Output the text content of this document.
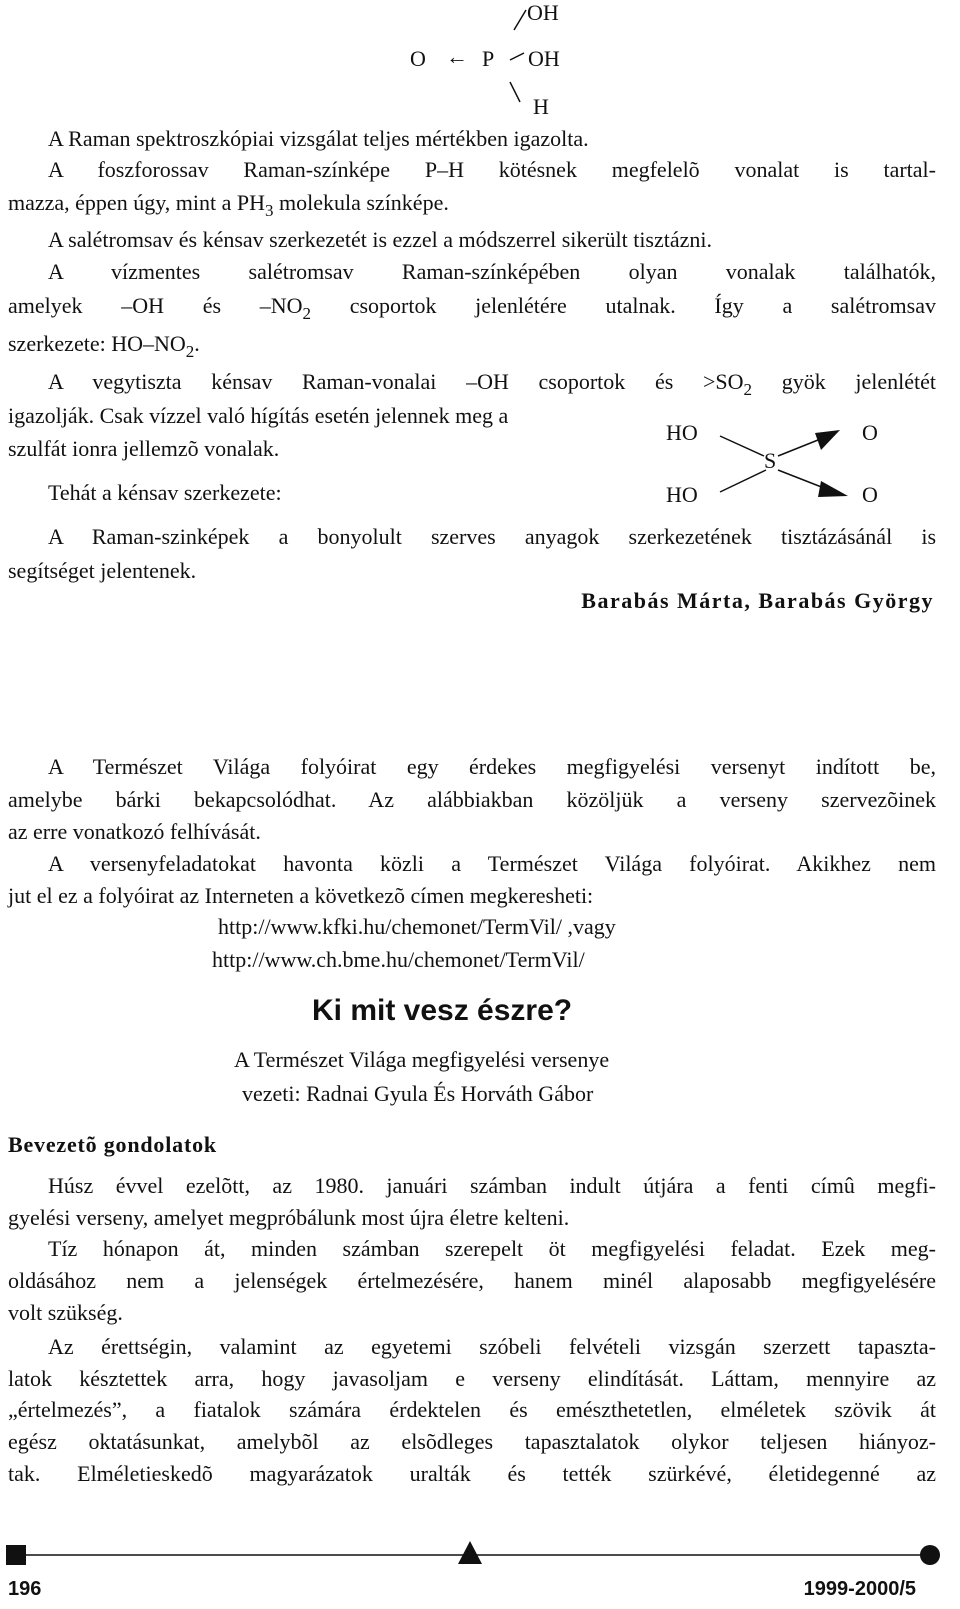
OH
O ← P OH
H
A Raman spektroszkópiai vizsgálat teljes mértékben igazolta.
A foszforossav Raman-színképe P–H kötésnek megfelelõ vonalat is tartal-
mazza, éppen úgy, mint a $PH_3$ molekula színképe.
A salétromsav és kénsav szerkezetét is ezzel a módszerrel sikerült tisztázni.
A vízmentes salétromsav Raman-színképében olyan vonalak találhatók,
amelyek –OH és $-NO_2$ csoportok jelenlétére utalnak. Így a salétromsav
szerkezete: $HO-NO_2$.
A vegytiszta kénsav Raman-vonalai –OH csoportok és $>SO_2$ gyök jelenlétét
igazolják. Csak vízzel való hígítás esetén jelennek meg a
szulfát ionra jellemzõ vonalak.
Tehát a kénsav szerkezete:
HO
HO
S
O
O
A Raman-szinképek a bonyolult szerves anyagok szerkezetének tisztázásánál is
segítséget jelentenek.
Barabás Márta, Barabás György
A Természet Világa folyóirat egy érdekes megfigyelési versenyt indított be,
amelybe bárki bekapcsolódhat. Az alábbiakban közöljük a verseny szervezõinek
az erre vonatkozó felhívását.
A versenyfeladatokat havonta közli a Természet Világa folyóirat. Akikhez nem
jut el ez a folyóirat az Interneten a következõ címen megkeresheti:
http://www.kfki.hu/chemonet/TermVil/ ,vagy
http://www.ch.bme.hu/chemonet/TermVil/
Ki mit vesz észre?
A Természet Világa megfigyelési versenye
vezeti: Radnai Gyula És Horváth Gábor
Bevezetõ gondolatok
Húsz évvel ezelõtt, az 1980. januári számban indult útjára a fenti címû megfi-
gyelési verseny, amelyet megpróbálunk most újra életre kelteni.
Tíz hónapon át, minden számban szerepelt öt megfigyelési feladat. Ezek meg-
oldásához nem a jelenségek értelmezésére, hanem minél alaposabb megfigyelésére
volt szükség.
Az érettségin, valamint az egyetemi szóbeli felvételi vizsgán szerzett tapaszta-
latok késztettek arra, hogy javasoljam e verseny elindítását. Láttam, mennyire az
„értelmezés”, a fiatalok számára érdektelen és emészthetetlen, elméletek szövik át
egész oktatásunkat, amelybõl az elsõdleges tapasztalatok olykor teljesen hiányoz-
tak. Elméletieskedõ magyarázatok uralták és tették szürkévé, életidegenné az
196	1999-2000/5
